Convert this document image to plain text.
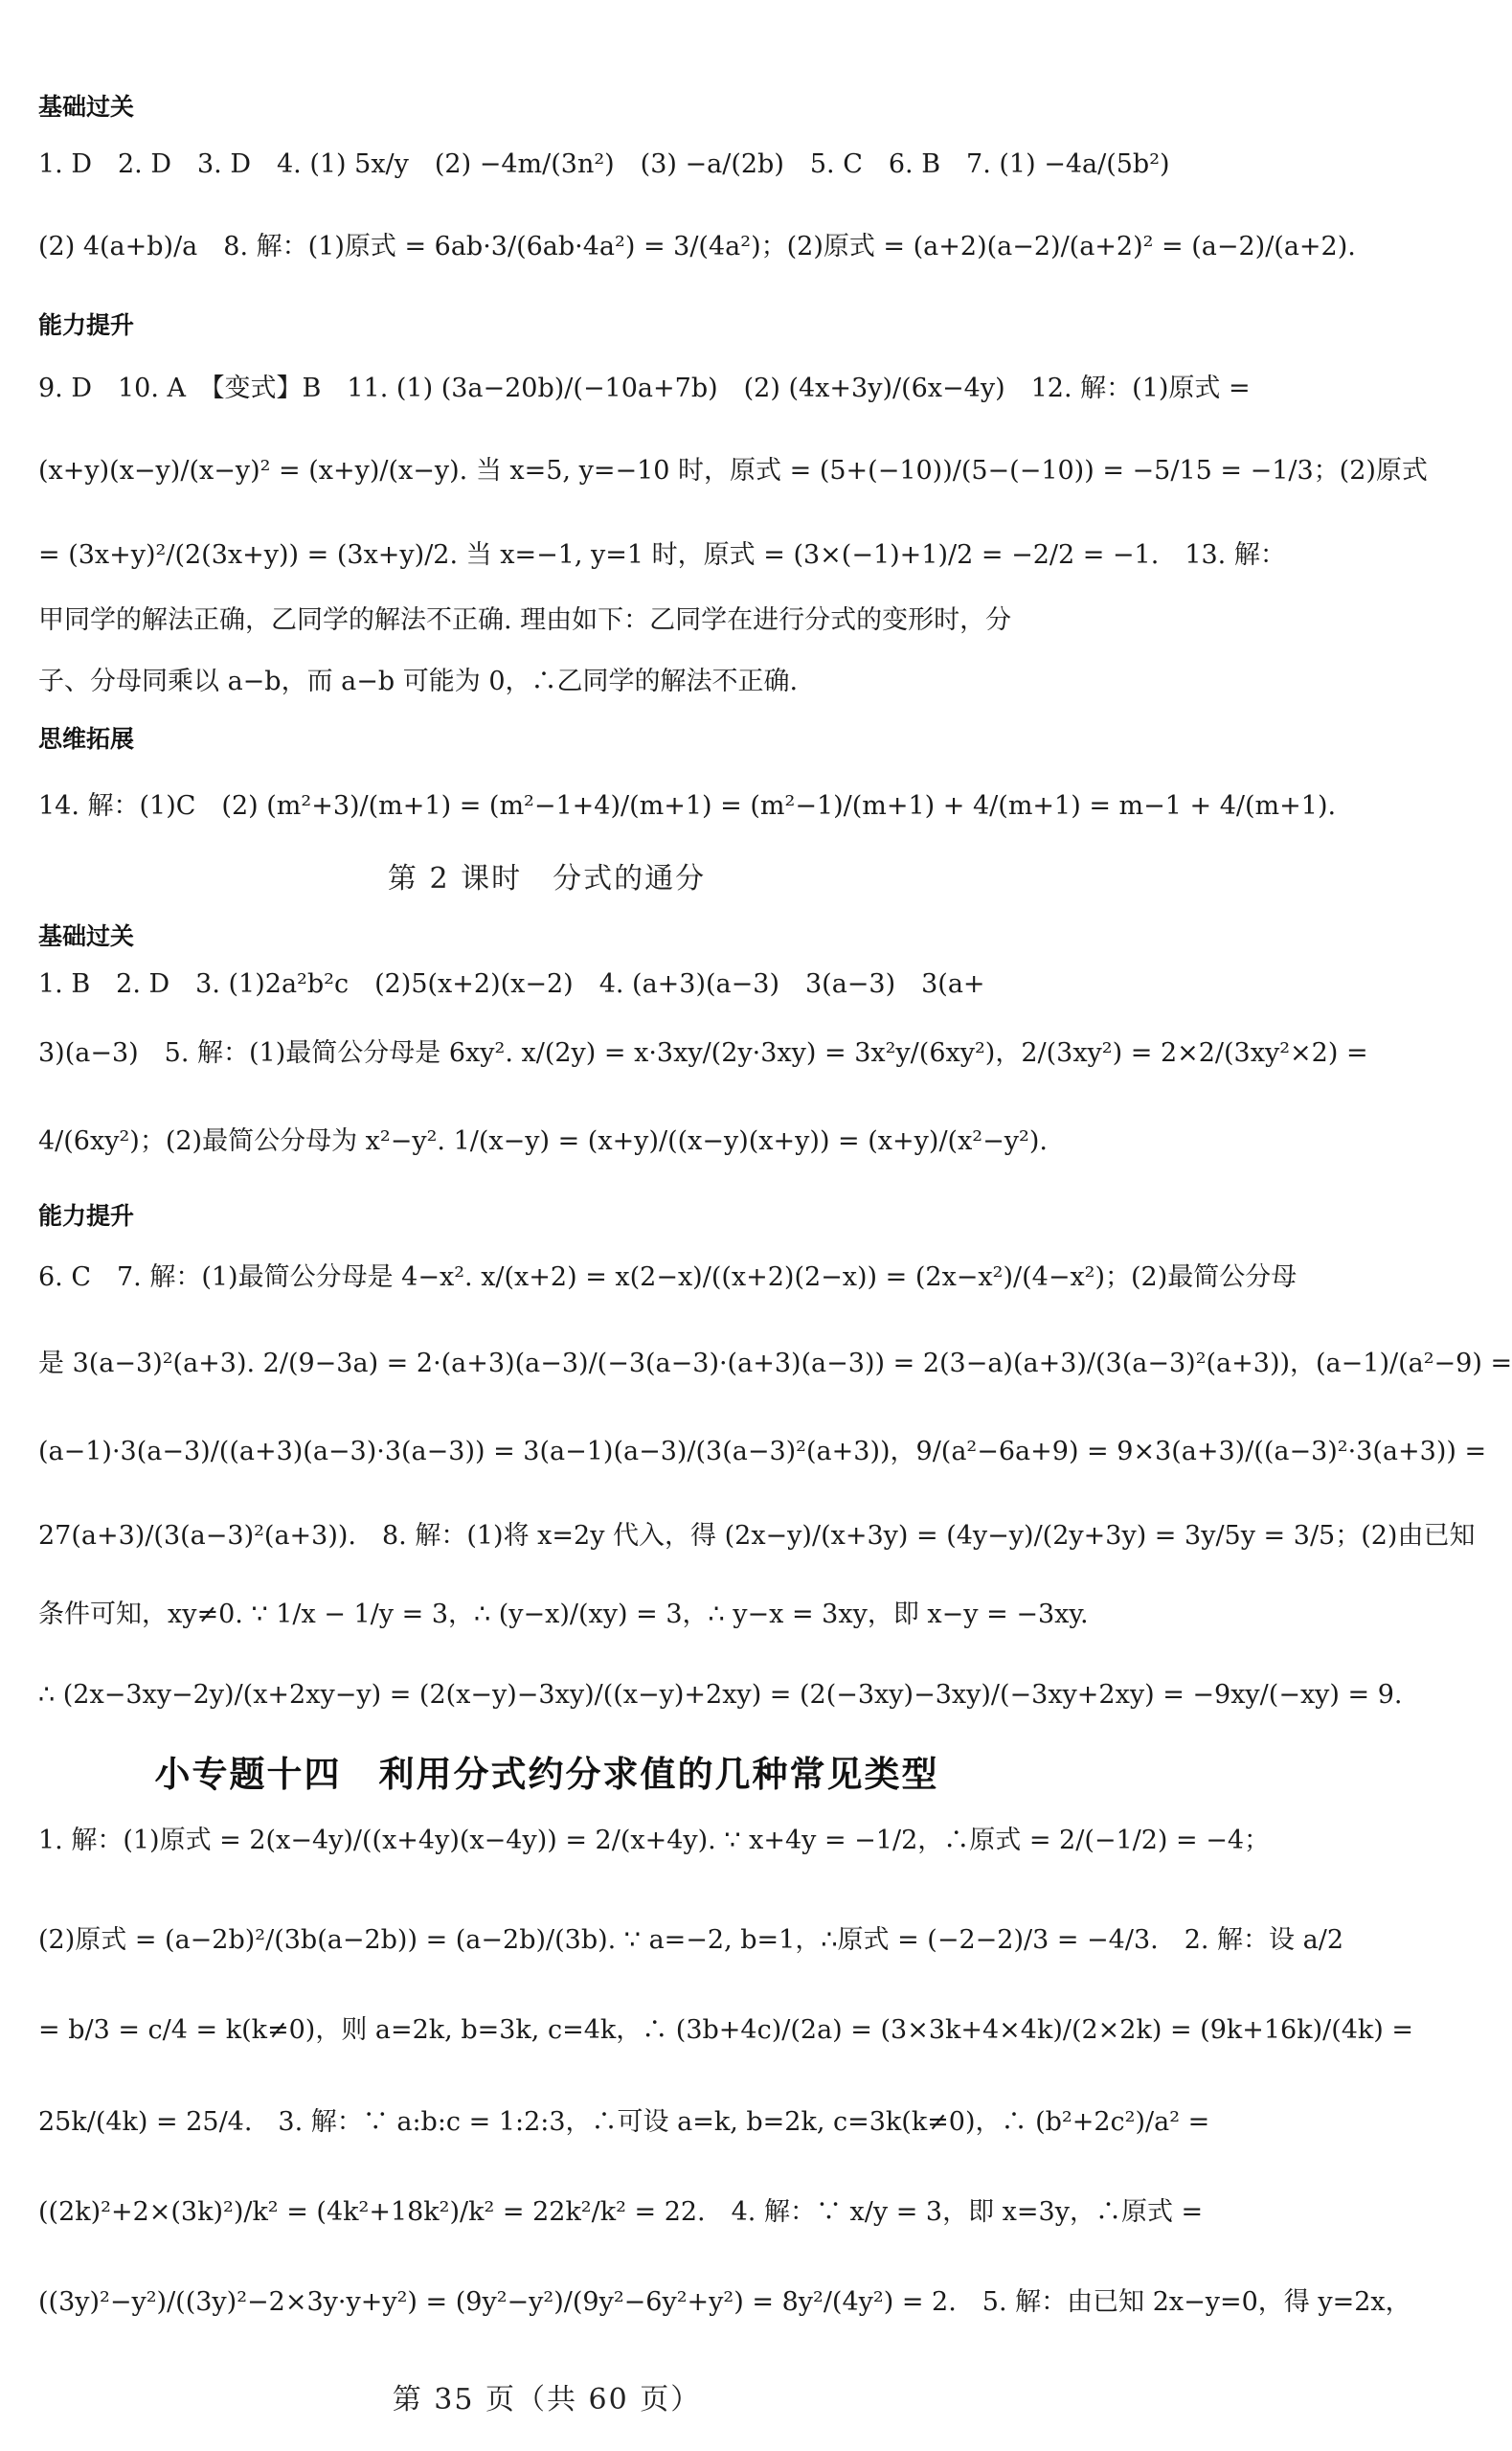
基础过关
1. D　2. D　3. D　4. (1) 5x/y　(2) −4m/(3n²)　(3) −a/(2b)　5. C　6. B　7. (1) −4a/(5b²)
(2) 4(a+b)/a　8. 解：(1)原式 = 6ab·3/(6ab·4a²) = 3/(4a²)；(2)原式 = (a+2)(a−2)/(a+2)² = (a−2)/(a+2).
能力提升
9. D　10. A　【变式】B　11. (1) (3a−20b)/(−10a+7b)　(2) (4x+3y)/(6x−4y)　12. 解：(1)原式 =
(x+y)(x−y)/(x−y)² = (x+y)/(x−y). 当 x=5, y=−10 时，原式 = (5+(−10))/(5−(−10)) = −5/15 = −1/3；(2)原式
= (3x+y)²/(2(3x+y)) = (3x+y)/2. 当 x=−1, y=1 时，原式 = (3×(−1)+1)/2 = −2/2 = −1.　13. 解：
甲同学的解法正确，乙同学的解法不正确. 理由如下：乙同学在进行分式的变形时，分
子、分母同乘以 a−b，而 a−b 可能为 0，∴乙同学的解法不正确.
思维拓展
14. 解：(1)C　(2) (m²+3)/(m+1) = (m²−1+4)/(m+1) = (m²−1)/(m+1) + 4/(m+1) = m−1 + 4/(m+1).
第 2 课时　分式的通分
基础过关
1. B　2. D　3. (1)2a²b²c　(2)5(x+2)(x−2)　4. (a+3)(a−3)　3(a−3)　3(a+
3)(a−3)　5. 解：(1)最简公分母是 6xy². x/(2y) = x·3xy/(2y·3xy) = 3x²y/(6xy²)，2/(3xy²) = 2×2/(3xy²×2) =
4/(6xy²)；(2)最简公分母为 x²−y². 1/(x−y) = (x+y)/((x−y)(x+y)) = (x+y)/(x²−y²).
能力提升
6. C　7. 解：(1)最简公分母是 4−x². x/(x+2) = x(2−x)/((x+2)(2−x)) = (2x−x²)/(4−x²)；(2)最简公分母
是 3(a−3)²(a+3). 2/(9−3a) = 2·(a+3)(a−3)/(−3(a−3)·(a+3)(a−3)) = 2(3−a)(a+3)/(3(a−3)²(a+3))，(a−1)/(a²−9) =
(a−1)·3(a−3)/((a+3)(a−3)·3(a−3)) = 3(a−1)(a−3)/(3(a−3)²(a+3))，9/(a²−6a+9) = 9×3(a+3)/((a−3)²·3(a+3)) =
27(a+3)/(3(a−3)²(a+3)).　8. 解：(1)将 x=2y 代入，得 (2x−y)/(x+3y) = (4y−y)/(2y+3y) = 3y/5y = 3/5；(2)由已知
条件可知，xy≠0. ∵ 1/x − 1/y = 3，∴ (y−x)/(xy) = 3，∴ y−x = 3xy，即 x−y = −3xy.
∴ (2x−3xy−2y)/(x+2xy−y) = (2(x−y)−3xy)/((x−y)+2xy) = (2(−3xy)−3xy)/(−3xy+2xy) = −9xy/(−xy) = 9.
小专题十四　利用分式约分求值的几种常见类型
1. 解：(1)原式 = 2(x−4y)/((x+4y)(x−4y)) = 2/(x+4y). ∵ x+4y = −1/2，∴原式 = 2/(−1/2) = −4；
(2)原式 = (a−2b)²/(3b(a−2b)) = (a−2b)/(3b). ∵ a=−2, b=1，∴原式 = (−2−2)/3 = −4/3.　2. 解：设 a/2
= b/3 = c/4 = k(k≠0)，则 a=2k, b=3k, c=4k，∴ (3b+4c)/(2a) = (3×3k+4×4k)/(2×2k) = (9k+16k)/(4k) =
25k/(4k) = 25/4.　3. 解：∵ a:b:c = 1:2:3，∴可设 a=k, b=2k, c=3k(k≠0)，∴ (b²+2c²)/a² =
((2k)²+2×(3k)²)/k² = (4k²+18k²)/k² = 22k²/k² = 22.　4. 解：∵ x/y = 3，即 x=3y，∴原式 =
((3y)²−y²)/((3y)²−2×3y·y+y²) = (9y²−y²)/(9y²−6y²+y²) = 8y²/(4y²) = 2.　5. 解：由已知 2x−y=0，得 y=2x，
第 35 页（共 60 页）
